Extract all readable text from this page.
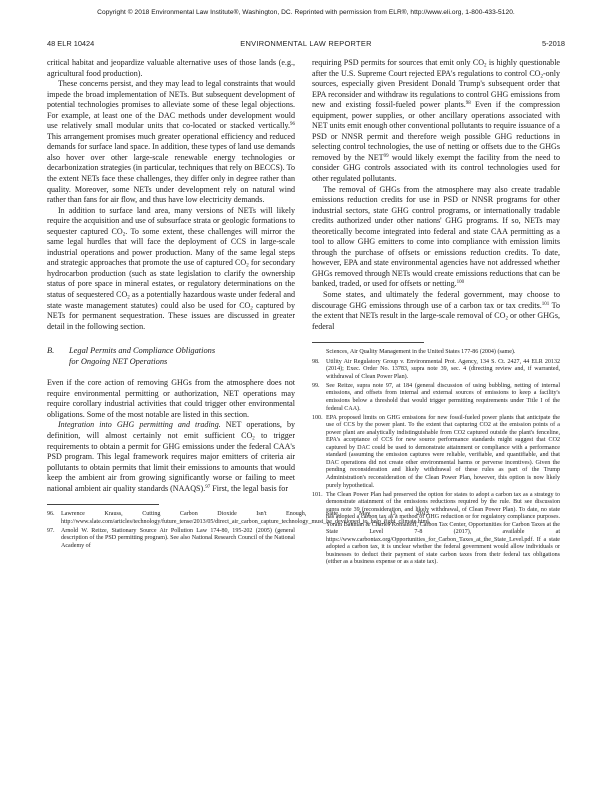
Copyright © 2018 Environmental Law Institute®, Washington, DC. Reprinted with permission from ELR®, http://www.eli.org, 1-800-433-5120.
48 ELR 10424	ENVIRONMENTAL LAW REPORTER	5-2018

critical habitat and jeopardize valuable alternative uses of those lands (e.g., agricultural food production).

These concerns persist, and they may lead to legal constraints that would impede the broad implementation of NETs. But subsequent development of potential technologies promises to alleviate some of these legal objections. For example, at least one of the DAC methods under development would use relatively small modular units that co-located or stacked vertically.$^{96}$ This arrangement promises much greater operational efficiency and reduced demands for surface land space. In addition, these types of land use demands also hover over other large-scale renewable energy technologies or decarbonization strategies (in particular, techniques that rely on BECCS). To the extent NETs face these challenges, they differ only in degree rather than quality. Moreover, some NETs under development rely on natural wind rather than fans for air flow, and thus have low electricity demands.

In addition to surface land area, many versions of NETs will likely require the acquisition and use of subsurface strata or geologic formations to sequester captured $CO_2$. To some extent, these challenges will mirror the same legal hurdles that will face the deployment of CCS in large-scale industrial operations and power production. Many of the same legal steps and strategic approaches that promote the use of captured $CO_2$ for secondary hydrocarbon production (such as state legislation to clarify the ownership status of pore space in mineral estates, or regulatory determinations on the status of sequestered $CO_2$ as a potentially hazardous waste under federal and state waste management statutes) could also be used for $CO_2$ captured by NETs for permanent sequestration. These issues are discussed in greater detail in the following section.

B.	Legal Permits and Compliance Obligations
for Ongoing NET Operations

Even if the core action of removing GHGs from the atmosphere does not require environmental permitting or authorization, NET operations may require corollary industrial activities that could trigger other environmental obligations. Some of the most notable are listed in this section.

Integration into GHG permitting and trading. NET operations, by definition, will almost certainly not emit sufficient $CO_2$ to trigger requirements to obtain a permit for GHG emissions under the federal CAA's PSD program. This legal framework requires major emitters of criteria air pollutants to obtain permits that limit their emissions to amounts that would keep the ambient air from growing significantly worse or failing to meet national ambient air quality standards (NAAQS).$^{97}$ First, the legal basis for

96.	Lawrence Krauss, Cutting Carbon Dioxide Isn't Enough, Slate, May 13, 2013, http://www.slate.com/articles/technology/future_tense/2013/05/direct_air_carbon_capture_technology_must_be_developed_to_help_fight_climate.html.
97.	Arnold W. Reitze, Stationary Source Air Pollution Law 174-80, 195-202 (2005) (general description of the PSD permitting program). See also National Research Council of the National Academy of

requiring PSD permits for sources that emit only $CO_2$ is highly questionable after the U.S. Supreme Court rejected EPA's regulations to control $CO_2$-only sources, especially given President Donald Trump's subsequent order that EPA reconsider and withdraw its regulations to control GHG emissions from new and existing fossil-fueled power plants.$^{98}$ Even if the compression equipment, power supplies, or other ancillary operations associated with NET units emit enough other conventional pollutants to require issuance of a PSD or NNSR permit and therefore weigh possible GHG reductions in selecting control technologies, the use of netting or offsets due to the GHGs removed by the NET$^{99}$ would likely exempt the facility from the need to consider GHG controls associated with its control technologies used for other regulated pollutants.

The removal of GHGs from the atmosphere may also create tradable emissions reduction credits for use in PSD or NNSR programs for other industrial sectors, state GHG control programs, or internationally tradable credits authorized under other nations' GHG programs. If so, NETs may theoretically become integrated into federal and state CAA permitting as a tool to allow GHG emitters to come into compliance with emission limits through the purchase of offsets or emissions reduction credits. To date, however, EPA and state environmental agencies have not addressed whether GHGs removed through NETs would create emissions reductions that can be banked, traded, or used for offsets or netting.$^{100}$

Some states, and ultimately the federal government, may choose to discourage GHG emissions through use of a carbon tax or tax credits.$^{101}$ To the extent that NETs result in the large-scale removal of $CO_2$ or other GHGs, federal

Sciences, Air Quality Management in the United States 177-86 (2004) (same).
98.	Utility Air Regulatory Group v. Environmental Prot. Agency, 134 S. Ct. 2427, 44 ELR 20132 (2014); Exec. Order No. 13783, supra note 39, sec. 4 (directing review and, if warranted, withdrawal of Clean Power Plan).
99.	See Reitze, supra note 97, at 184 (general discussion of using bubbling, netting of internal emissions, and offsets from internal and external sources of emissions to keep a facility's emissions below a threshold that would trigger permitting requirements under Title I of the federal CAA).
100. EPA proposed limits on GHG emissions for new fossil-fueled power plants that anticipate the use of CCS by the power plant. To the extent that capturing CO2 at the emission points of a power plant are analytically indistinguishable from CO2 captured outside the plant's fenceline, EPA's acceptance of CCS for new source performance standards might suggest that CO2 captured by DAC could be used to demonstrate attainment or compliance with a performance standard (assuming the emission captures were reliable, verifiable, and quantifiable, and that DAC operations did not create other environmental harms or perverse incentives). Given the pending reconsideration and likely withdrawal of these rules as part of the Trump Administration's reconsideration of the Clean Power Plan, however, this option is now likely purely hypothetical.
101. The Clean Power Plan had preserved the option for states to adopt a carbon tax as a strategy to demonstrate attainment of the emissions reductions required by the rule. But see discussion supra note 39 (reconsideration, and likely withdrawal, of Clean Power Plan). To date, no state has adopted a carbon tax as a method of GHG reduction or for regulatory compliance purposes. Yoram Bauman & Charles Komanoff, Carbon Tax Center, Opportunities for Carbon Taxes at the State Level 7-8 (2017), available at https://www.carbontax.org/Opportunities_for_Carbon_Taxes_at_the_State_Level.pdf. If a state adopted a carbon tax, it is unclear whether the federal government would allow individuals or businesses to deduct their payment of state carbon taxes from their federal tax obligations (either as a business expense or as a state tax).
